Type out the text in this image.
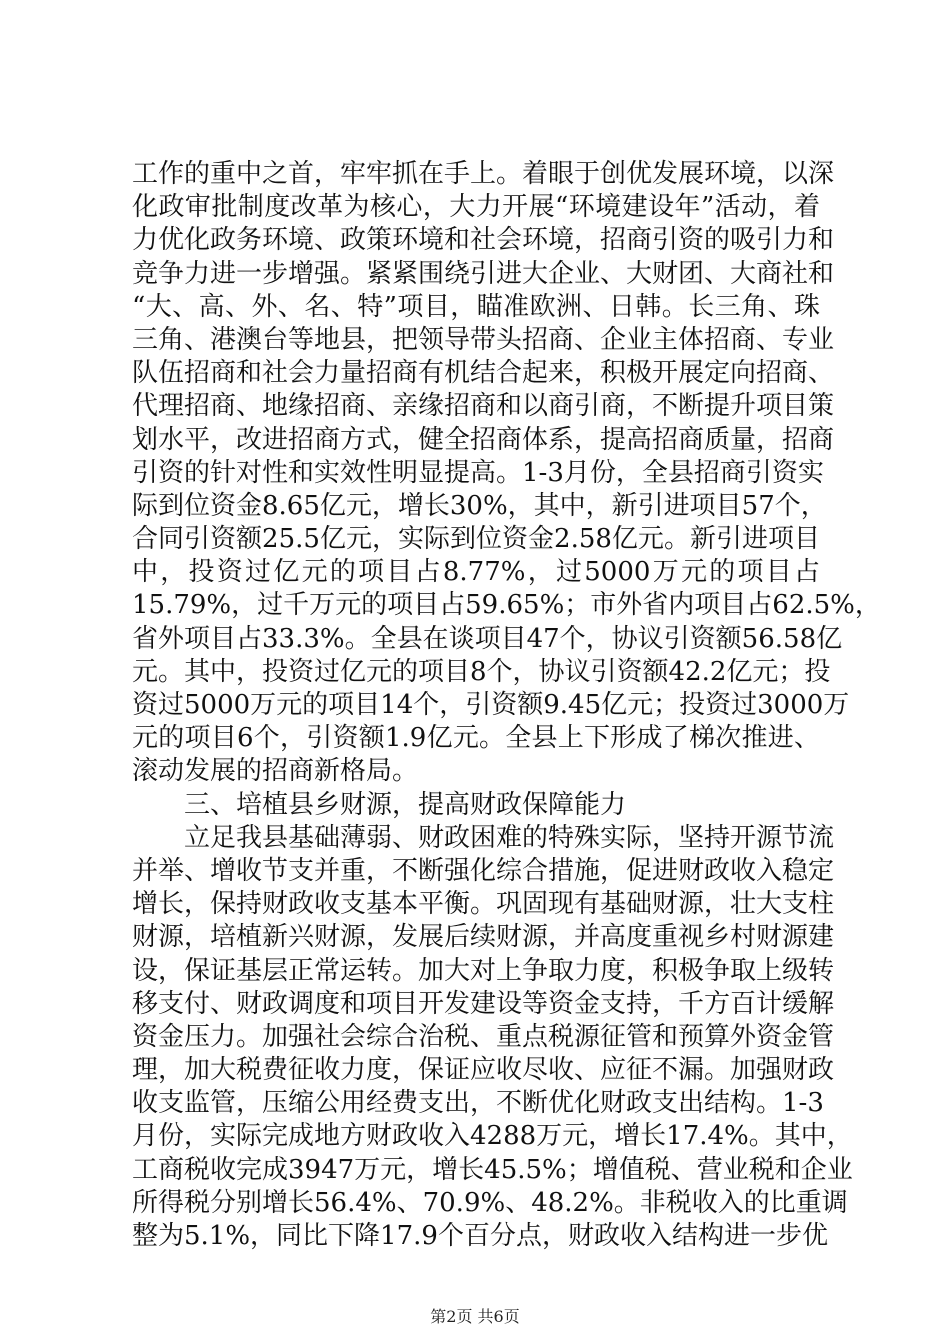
工作的重中之首，牢牢抓在手上。着眼于创优发展环境，以深
化政审批制度改革为核心，大力开展“环境建设年”活动，着
力优化政务环境、政策环境和社会环境，招商引资的吸引力和
竞争力进一步增强。紧紧围绕引进大企业、大财团、大商社和
“大、高、外、名、特”项目，瞄准欧洲、日韩。长三角、珠
三角、港澳台等地县，把领导带头招商、企业主体招商、专业
队伍招商和社会力量招商有机结合起来，积极开展定向招商、
代理招商、地缘招商、亲缘招商和以商引商，不断提升项目策
划水平，改进招商方式，健全招商体系，提高招商质量，招商
引资的针对性和实效性明显提高。1-3月份，全县招商引资实
际到位资金8.65亿元，增长30%，其中，新引进项目57个，
合同引资额25.5亿元，实际到位资金2.58亿元。新引进项目
中，投资过亿元的项目占8.77%，过5000万元的项目占
15.79%，过千万元的项目占59.65%；市外省内项目占62.5%，
省外项目占33.3%。全县在谈项目47个，协议引资额56.58亿
元。其中，投资过亿元的项目8个，协议引资额42.2亿元；投
资过5000万元的项目14个，引资额9.45亿元；投资过3000万
元的项目6个，引资额1.9亿元。全县上下形成了梯次推进、
滚动发展的招商新格局。
三、培植县乡财源，提高财政保障能力
立足我县基础薄弱、财政困难的特殊实际，坚持开源节流
并举、增收节支并重，不断强化综合措施，促进财政收入稳定
增长，保持财政收支基本平衡。巩固现有基础财源，壮大支柱
财源，培植新兴财源，发展后续财源，并高度重视乡村财源建
设，保证基层正常运转。加大对上争取力度，积极争取上级转
移支付、财政调度和项目开发建设等资金支持，千方百计缓解
资金压力。加强社会综合治税、重点税源征管和预算外资金管
理，加大税费征收力度，保证应收尽收、应征不漏。加强财政
收支监管，压缩公用经费支出，不断优化财政支出结构。1-3
月份，实际完成地方财政收入4288万元，增长17.4%。其中，
工商税收完成3947万元，增长45.5%；增值税、营业税和企业
所得税分别增长56.4%、70.9%、48.2%。非税收入的比重调
整为5.1%，同比下降17.9个百分点，财政收入结构进一步优
第2页 共6页
